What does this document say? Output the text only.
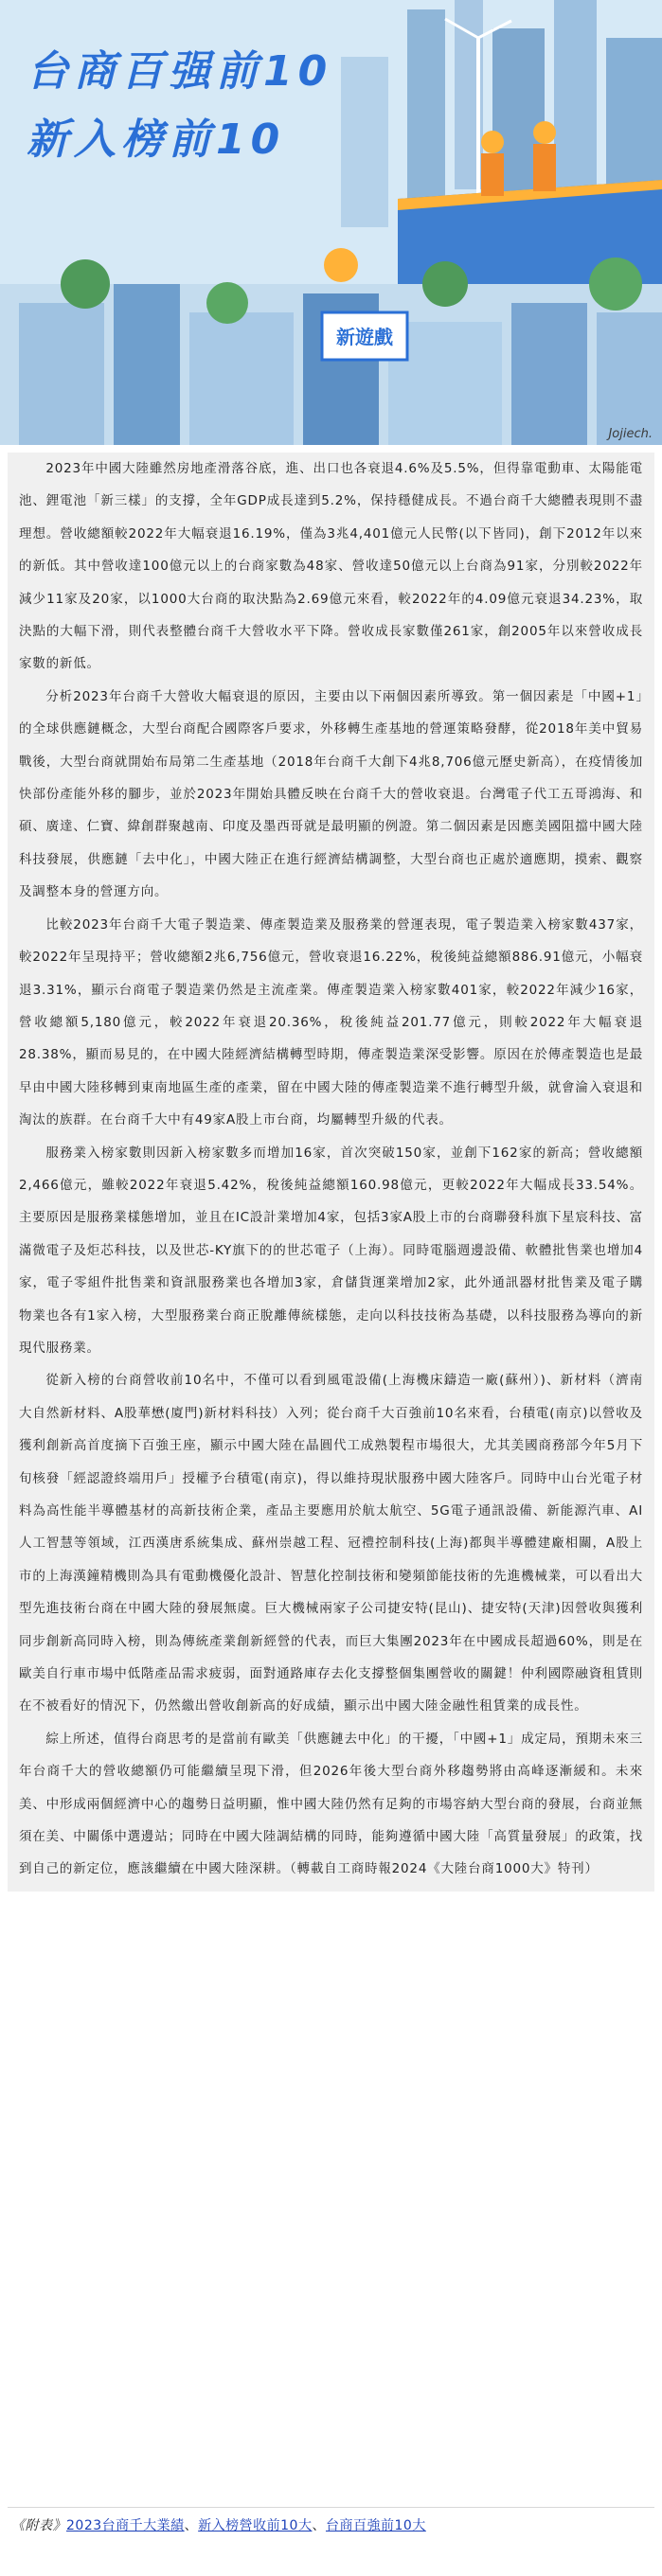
台商百强前10
新入榜前10
新遊戲

Jojiech.

2023年中國大陸雖然房地產滑落谷底，進、出口也各衰退4.6%及5.5%，但得靠電動車、太陽能電池、鋰電池「新三樣」的支撐，全年GDP成長達到5.2%，保持穩健成長。不過台商千大總體表現則不盡理想。營收總額較2022年大幅衰退16.19%，僅為3兆4,401億元人民幣(以下皆同)，創下2012年以來的新低。其中營收達100億元以上的台商家數為48家、營收達50億元以上台商為91家，分別較2022年減少11家及20家，以1000大台商的取決點為2.69億元來看，較2022年的4.09億元衰退34.23%，取決點的大幅下滑，則代表整體台商千大營收水平下降。營收成長家數僅261家，創2005年以來營收成長家數的新低。

分析2023年台商千大營收大幅衰退的原因，主要由以下兩個因素所導致。第一個因素是「中國+1」的全球供應鏈概念，大型台商配合國際客戶要求，外移轉生產基地的營運策略發酵，從2018年美中貿易戰後，大型台商就開始布局第二生產基地（2018年台商千大創下4兆8,706億元歷史新高），在疫情後加快部份產能外移的腳步，並於2023年開始具體反映在台商千大的營收衰退。台灣電子代工五哥鴻海、和碩、廣達、仁寶、緯創群聚越南、印度及墨西哥就是最明顯的例證。第二個因素是因應美國阻擋中國大陸科技發展，供應鏈「去中化」，中國大陸正在進行經濟結構調整，大型台商也正處於適應期，摸索、觀察及調整本身的營運方向。

比較2023年台商千大電子製造業、傳產製造業及服務業的營運表現，電子製造業入榜家數437家，較2022年呈現持平；營收總額2兆6,756億元，營收衰退16.22%，稅後純益總額886.91億元，小幅衰退3.31%，顯示台商電子製造業仍然是主流產業。傳產製造業入榜家數401家，較2022年減少16家，營收總額5,180億元，較2022年衰退20.36%，稅後純益201.77億元，則較2022年大幅衰退28.38%，顯而易見的，在中國大陸經濟結構轉型時期，傳產製造業深受影響。原因在於傳產製造也是最早由中國大陸移轉到東南地區生產的產業，留在中國大陸的傳產製造業不進行轉型升級，就會淪入衰退和淘汰的族群。在台商千大中有49家A股上市台商，均屬轉型升級的代表。

服務業入榜家數則因新入榜家數多而增加16家，首次突破150家，並創下162家的新高；營收總額2,466億元，雖較2022年衰退5.42%，稅後純益總額160.98億元，更較2022年大幅成長33.54%。主要原因是服務業樣態增加，並且在IC設計業增加4家，包括3家A股上市的台商聯發科旗下星宸科技、富滿微電子及炬芯科技，以及世芯-KY旗下的的世芯電子（上海）。同時電腦週邊設備、軟體批售業也增加4家，電子零組件批售業和資訊服務業也各增加3家，倉儲貨運業增加2家，此外通訊器材批售業及電子購物業也各有1家入榜，大型服務業台商正脫離傳統樣態，走向以科技技術為基礎，以科技服務為導向的新現代服務業。

從新入榜的台商營收前10名中，不僅可以看到風電設備(上海機床鑄造一廠(蘇州）)、新材料（濟南大自然新材料、A股華懋(廈門)新材料科技）入列；從台商千大百強前10名來看，台積電(南京)以營收及獲利創新高首度摘下百強王座，顯示中國大陸在晶圓代工成熟製程市場很大，尤其美國商務部今年5月下旬核發「經認證終端用戶」授權予台積電(南京)，得以維持現狀服務中國大陸客戶。同時中山台光電子材料為高性能半導體基材的高新技術企業，產品主要應用於航太航空、5G電子通訊設備、新能源汽車、AI人工智慧等領域，江西漢唐系統集成、蘇州崇越工程、冠禮控制科技(上海)都與半導體建廠相關，A股上市的上海漢鐘精機則為具有電動機優化設計、智慧化控制技術和變頻節能技術的先進機械業，可以看出大型先進技術台商在中國大陸的發展無虞。巨大機械兩家子公司捷安特(昆山)、捷安特(天津)因營收與獲利同步創新高同時入榜，則為傳統產業創新經營的代表，而巨大集團2023年在中國成長超過60%，則是在歐美自行車市場中低階產品需求疲弱，面對通路庫存去化支撐整個集團營收的關鍵！仲利國際融資租賃則在不被看好的情況下，仍然繳出營收創新高的好成績，顯示出中國大陸金融性租賃業的成長性。

綜上所述，值得台商思考的是當前有歐美「供應鏈去中化」的干擾，「中國+1」成定局，預期未來三年台商千大的營收總額仍可能繼續呈現下滑，但2026年後大型台商外移趨勢將由高峰逐漸緩和。未來美、中形成兩個經濟中心的趨勢日益明顯，惟中國大陸仍然有足夠的市場容納大型台商的發展，台商並無須在美、中關係中選邊站；同時在中國大陸調結構的同時，能夠遵循中國大陸「高質量發展」的政策，找到自己的新定位，應該繼續在中國大陸深耕。（轉載自工商時報2024《大陸台商1000大》特刊）

《附表》2023台商千大業績、新入榜營收前10大、台商百強前10大
